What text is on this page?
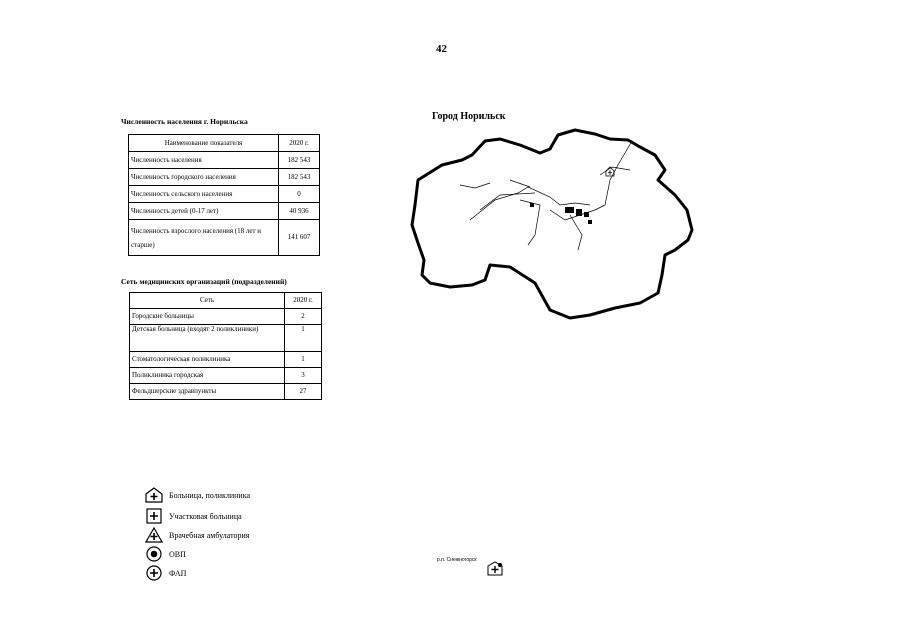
42
Численность населения г. Норильска
Наименование показателя	2020 г.
Численность населения	182 543
Численность городского населения	182 543
Численность сельского населения	0
Численность детей (0-17 лет)	40 936
Численность взрослого населения (18 лет и старше)	141 607
Сеть медицинских организаций (подразделений)
Сеть	2020 г.
Городские больницы	2
Детская больница (входят 2 поликлиники)	1
Стоматологическая поликлиника	1
Поликлиника городская	3
Фельдшерские здравпункты	27
Город Норильск
Больница, поликлиника
Участковая больница
Врачебная амбулатория
ОВП
ФАП
р.п. Снежногорск
